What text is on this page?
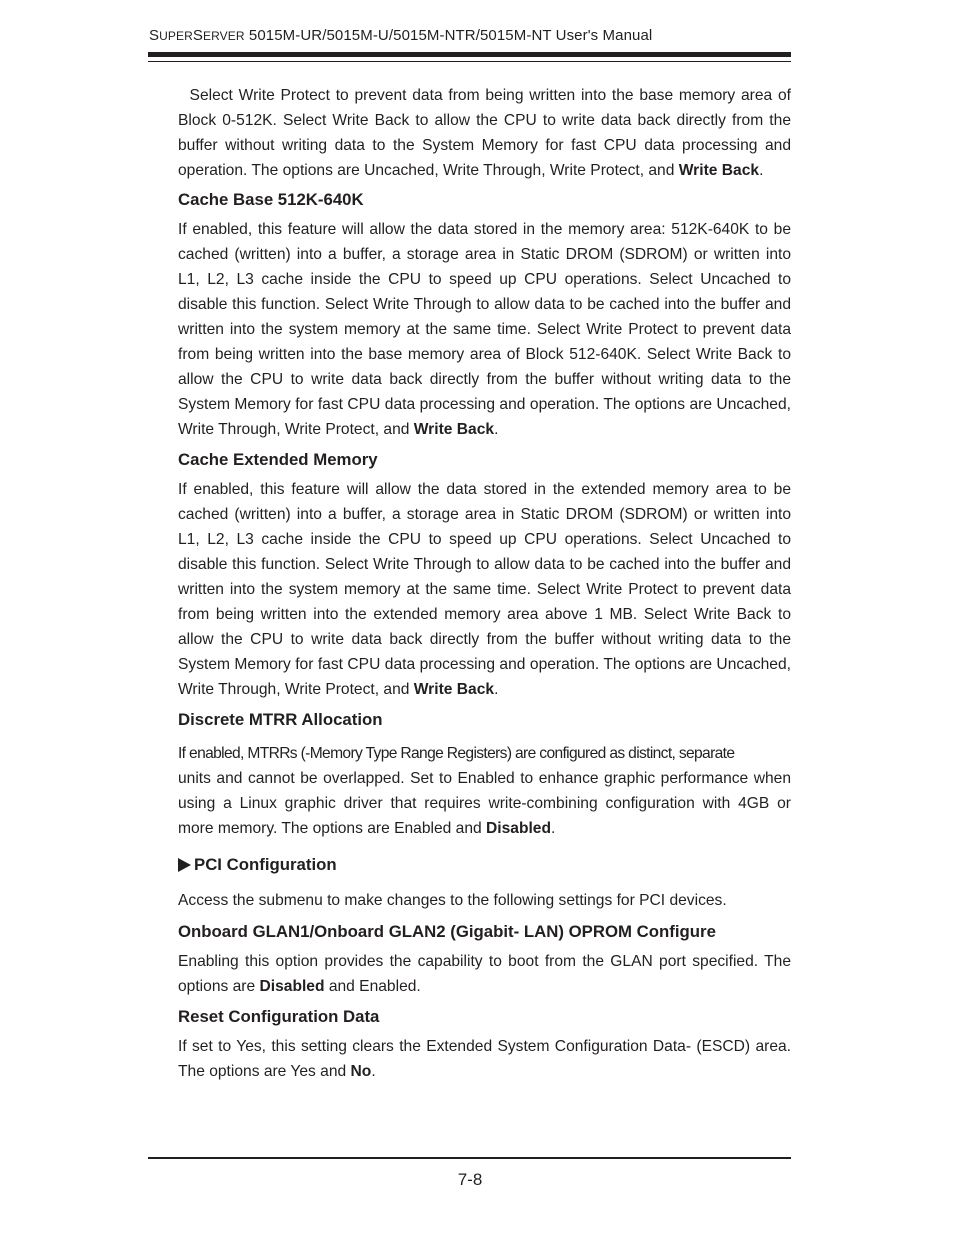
SUPERSERVER 5015M-UR/5015M-U/5015M-NTR/5015M-NT User's Manual

Select Write Protect to prevent data from being written into the base memory area of Block 0-512K. Select Write Back to allow the CPU to write data back directly from the buffer without writing data to the System Memory for fast CPU data processing and operation. The options are Uncached, Write Through, Write Protect, and Write Back.

Cache Base 512K-640K

If enabled, this feature will allow the data stored in the memory area: 512K-640K to be cached (written) into a buffer, a storage area in Static DROM (SDROM) or written into L1, L2, L3 cache inside the CPU to speed up CPU operations. Select Uncached to disable this function. Select Write Through to allow data to be cached into the buffer and written into the system memory at the same time. Select Write Protect to prevent data from being written into the base memory area of Block 512-640K. Select Write Back to allow the CPU to write data back directly from the buffer without writing data to the System Memory for fast CPU data processing and operation. The options are Uncached, Write Through, Write Protect, and Write Back.

Cache Extended Memory

If enabled, this feature will allow the data stored in the extended memory area to be cached (written) into a buffer, a storage area in Static DROM (SDROM) or written into L1, L2, L3 cache inside the CPU to speed up CPU operations. Select Uncached to disable this function. Select Write Through to allow data to be cached into the buffer and written into the system memory at the same time. Select Write Protect to prevent data from being written into the extended memory area above 1 MB. Select Write Back to allow the CPU to write data back directly from the buffer without writing data to the System Memory for fast CPU data processing and operation. The options are Uncached, Write Through, Write Protect, and Write Back.

Discrete MTRR Allocation

If enabled, MTRRs (-Memory Type Range Registers) are configured as distinct, separate
units and cannot be overlapped. Set to Enabled to enhance graphic performance when using a Linux graphic driver that requires write-combining configuration with 4GB or more memory. The options are Enabled and Disabled.

PCI Configuration

Access the submenu to make changes to the following settings for PCI devices.

Onboard GLAN1/Onboard GLAN2 (Gigabit- LAN) OPROM Configure

Enabling this option provides the capability to boot from the GLAN port specified. The options are Disabled and Enabled.

Reset Configuration Data

If set to Yes, this setting clears the Extended System Configuration Data- (ESCD) area. The options are Yes and No.

7-8
